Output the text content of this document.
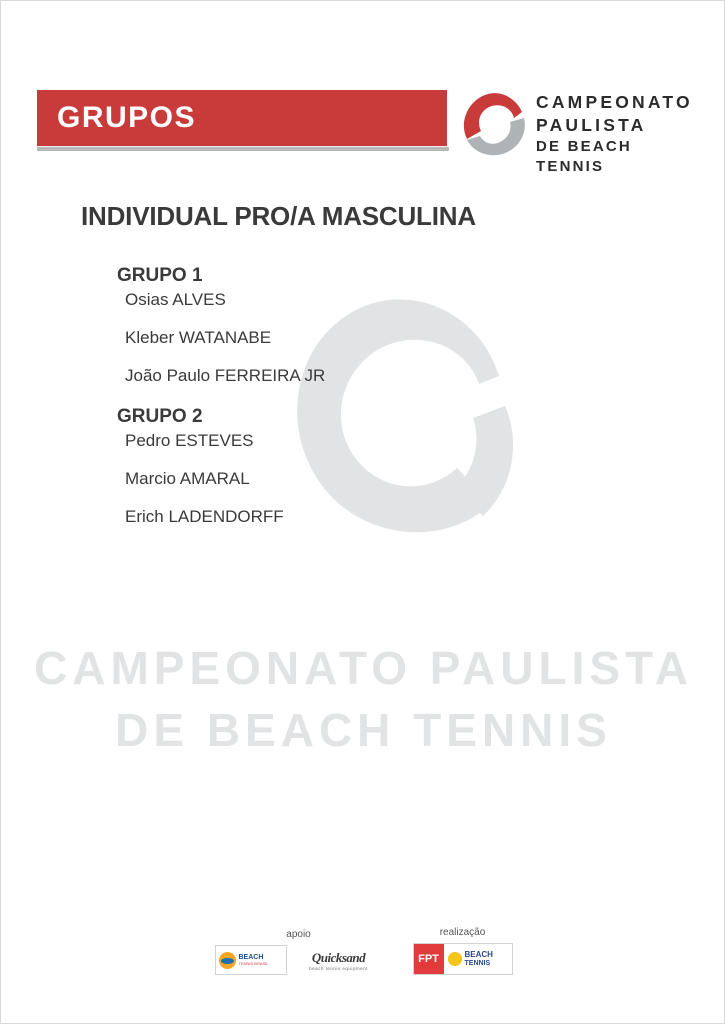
CAMPEONATO PAULISTA
DE BEACH TENNIS
GRUPOS	CAMPEONATO
PAULISTA
DE BEACH TENNIS
INDIVIDUAL PRO/A MASCULINA
GRUPO 1
Osias ALVES
Kleber WATANABE
João Paulo FERREIRA JR
GRUPO 2
Pedro ESTEVES
Marcio AMARAL
Erich LADENDORFF
apoio
BEACH
TENNIS BRASIL	Quicksand
beach tennis equipment
realização
FPT	BEACH
TENNIS
